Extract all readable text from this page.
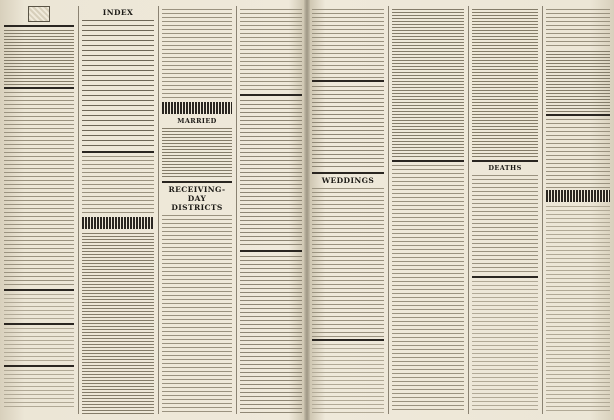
INDEX
MARRIED
RECEIVING-DAY DISTRICTS
WEDDINGS
DEATHS
